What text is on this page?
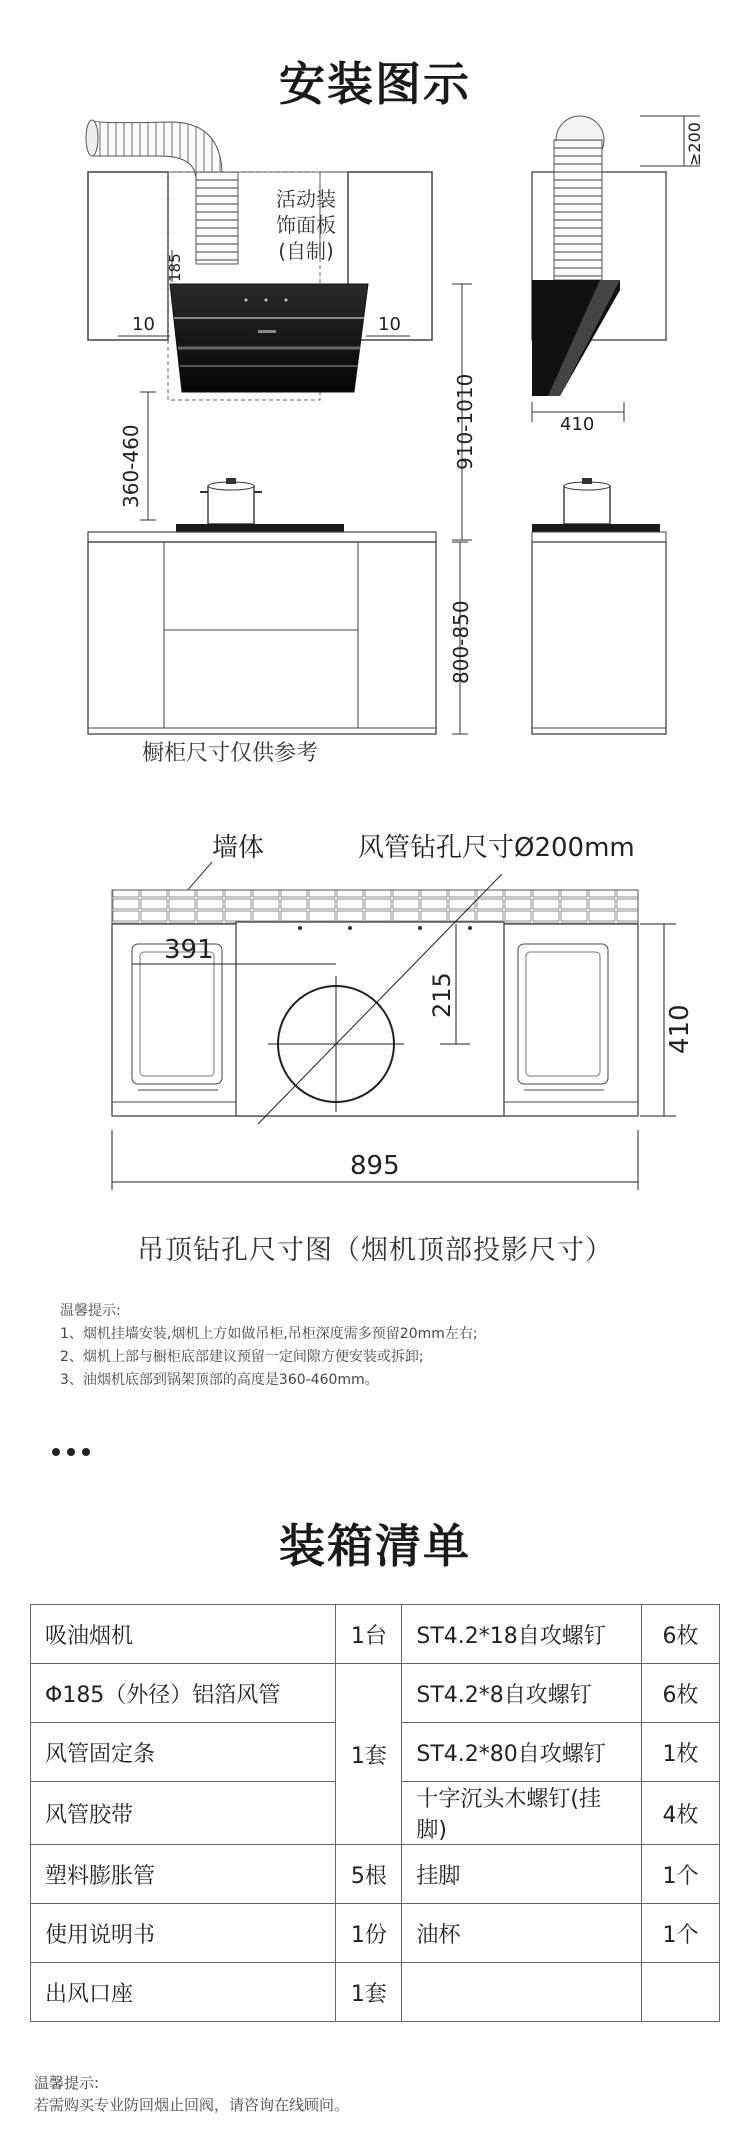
安装图示
活动装
饰面板
(自制)
185
10	10
910-1010
360-460
800-850
≥200
410
橱柜尺寸仅供参考
墙体	风管钻孔尺寸Ø200mm
391
215
410
895
吊顶钻孔尺寸图（烟机顶部投影尺寸）
温馨提示:
1、烟机挂墙安装,烟机上方如做吊柜,吊柜深度需多预留20mm左右;
2、烟机上部与橱柜底部建议预留一定间隙方便安装或拆卸;
3、油烟机底部到锅架顶部的高度是360-460mm。
装箱清单
吸油烟机	1台	ST4.2*18自攻螺钉	6枚
Φ185（外径）铝箔风管	1套	ST4.2*8自攻螺钉	6枚
风管固定条		ST4.2*80自攻螺钉	1枚
风管胶带		十字沉头木螺钉(挂脚)	4枚
塑料膨胀管	5根	挂脚	1个
使用说明书	1份	油杯	1个
出风口座	1套		
温馨提示:
若需购买专业防回烟止回阀，请咨询在线顾问。
